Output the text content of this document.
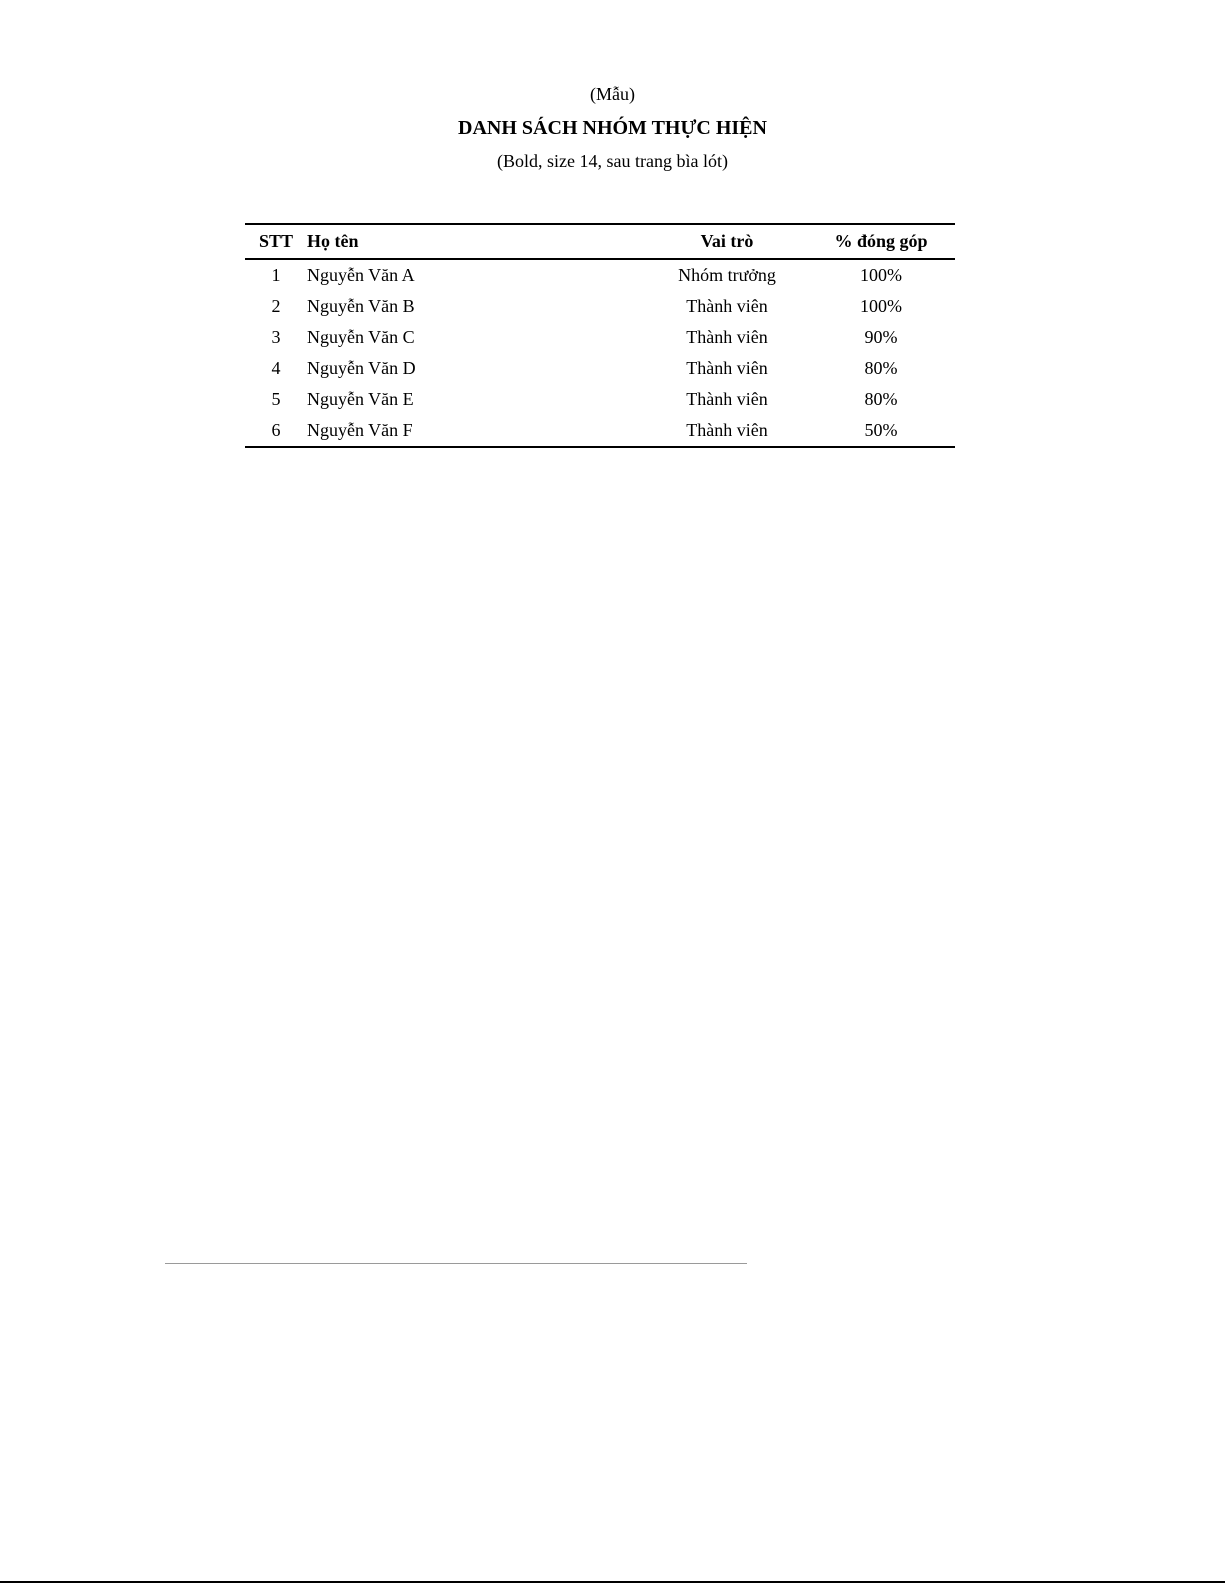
(Mẫu)
DANH SÁCH NHÓM THỰC HIỆN
(Bold, size 14, sau trang bìa lót)
STT	Họ tên	Vai trò	% đóng góp
1	Nguyễn Văn A	Nhóm trưởng	100%
2	Nguyễn Văn B	Thành viên	100%
3	Nguyễn Văn C	Thành viên	90%
4	Nguyễn Văn D	Thành viên	80%
5	Nguyễn Văn E	Thành viên	80%
6	Nguyễn Văn F	Thành viên	50%
